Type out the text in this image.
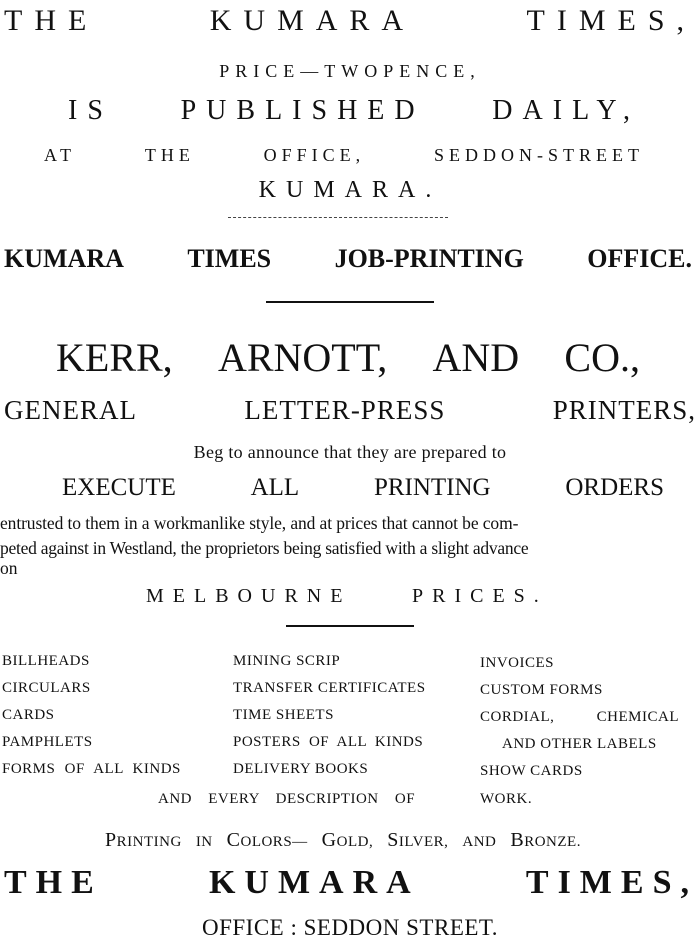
THE	KUMARA	TIMES,
PRICE—TWOPENCE,
IS PUBLISHED DAILY,
AT	THE	OFFICE,	SEDDON-STREET
KUMARA.
KUMARA TIMES JOB-PRINTING OFFICE.
KERR, ARNOTT, AND CO.,
GENERAL	LETTER-PRESS	PRINTERS,
Beg to announce that they are prepared to
EXECUTE	ALL	PRINTING	ORDERS
entrusted to them in a workmanlike style, and at prices that cannot be com-
peted against in Westland, the proprietors being satisfied with a slight advance
on
MELBOURNE	PRICES.
BILLHEADS
CIRCULARS
CARDS
PAMPHLETS
FORMS OF ALL KINDS
MINING SCRIP
TRANSFER CERTIFICATES
TIME SHEETS
POSTERS OF ALL KINDS
DELIVERY BOOKS
INVOICES
CUSTOM FORMS
CORDIAL, CHEMICAL
AND OTHER LABELS
SHOW CARDS
AND EVERY DESCRIPTION OF	WORK.
PRINTING IN COLORS— GOLD, SILVER, AND BRONZE.
THE	KUMARA	TIMES,
OFFICE : SEDDON STREET.
